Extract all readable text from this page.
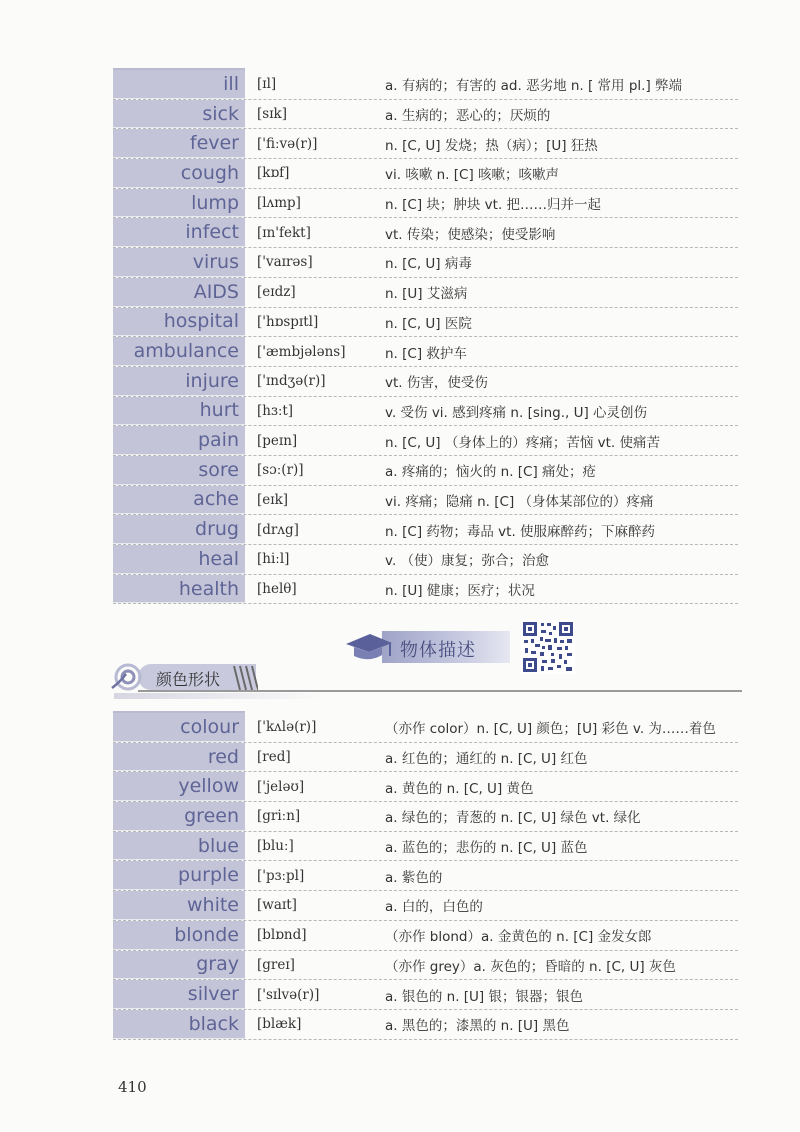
ill	[ɪl]	a. 有病的；有害的 ad. 恶劣地 n. [ 常用 pl.] 弊端
sick	[sɪk]	a. 生病的；恶心的；厌烦的
fever	['fiːvə(r)]	n. [C, U] 发烧；热（病）；[U] 狂热
cough	[kɒf]	vi. 咳嗽 n. [C] 咳嗽；咳嗽声
lump	[lʌmp]	n. [C] 块；肿块 vt. 把……归并一起
infect	[ɪn'fekt]	vt. 传染；使感染；使受影响
virus	['vaɪrəs]	n. [C, U] 病毒
AIDS	[eɪdz]	n. [U] 艾滋病
hospital	['hɒspɪtl]	n. [C, U] 医院
ambulance	['æmbjələns]	n. [C] 救护车
injure	['ɪndʒə(r)]	vt. 伤害，使受伤
hurt	[hɜːt]	v. 受伤 vi. 感到疼痛 n. [sing., U] 心灵创伤
pain	[peɪn]	n. [C, U] （身体上的）疼痛；苦恼 vt. 使痛苦
sore	[sɔː(r)]	a. 疼痛的；恼火的 n. [C] 痛处；疮
ache	[eɪk]	vi. 疼痛；隐痛 n. [C] （身体某部位的）疼痛
drug	[drʌg]	n. [C] 药物；毒品 vt. 使服麻醉药；下麻醉药
heal	[hiːl]	v. （使）康复；弥合；治愈
health	[helθ]	n. [U] 健康；医疗；状况
物体描述
颜色形状
colour	['kʌlə(r)]	（亦作 color）n. [C, U] 颜色；[U] 彩色 v. 为……着色
red	[red]	a. 红色的；通红的 n. [C, U] 红色
yellow	['jeləʊ]	a. 黄色的 n. [C, U] 黄色
green	[griːn]	a. 绿色的；青葱的 n. [C, U] 绿色 vt. 绿化
blue	[bluː]	a. 蓝色的；悲伤的 n. [C, U] 蓝色
purple	['pɜːpl]	a. 紫色的
white	[waɪt]	a. 白的，白色的
blonde	[blɒnd]	（亦作 blond）a. 金黄色的 n. [C] 金发女郎
gray	[greɪ]	（亦作 grey）a. 灰色的；昏暗的 n. [C, U] 灰色
silver	['sɪlvə(r)]	a. 银色的 n. [U] 银；银器；银色
black	[blæk]	a. 黑色的；漆黑的 n. [U] 黑色
410
